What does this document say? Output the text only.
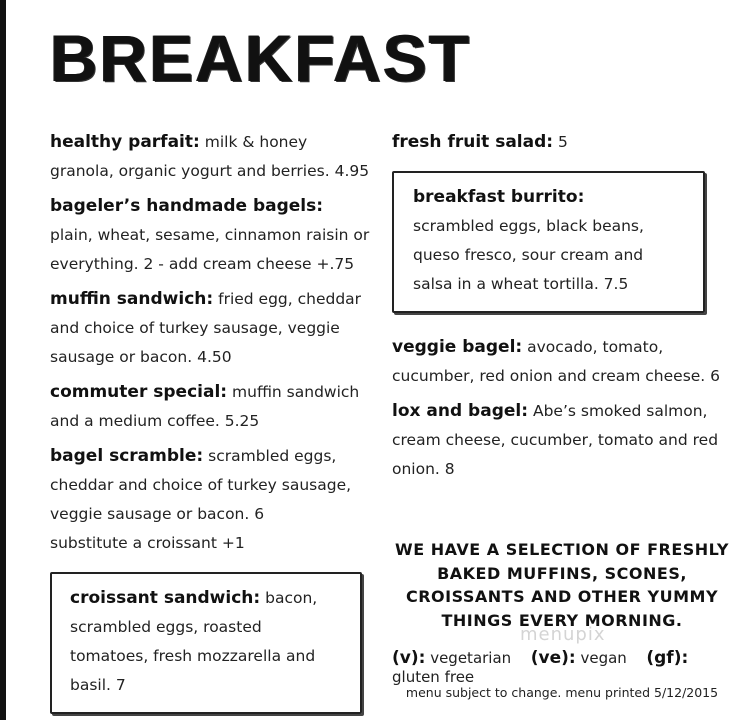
BREAKFAST
healthy parfait: milk & honey granola, organic yogurt and berries. 4.95
bageler’s handmade bagels: plain, wheat, sesame, cinnamon raisin or everything. 2 - add cream cheese +.75
muffin sandwich: fried egg, cheddar and choice of turkey sausage, veggie sausage or bacon. 4.50
commuter special: muffin sandwich and a medium coffee. 5.25
bagel scramble: scrambled eggs, cheddar and choice of turkey sausage, veggie sausage or bacon. 6
substitute a croissant +1
croissant sandwich: bacon, scrambled eggs, roasted tomatoes, fresh mozzarella and basil. 7
fresh fruit salad: 5
breakfast burrito:
scrambled eggs, black beans, queso fresco, sour cream and salsa in a wheat tortilla. 7.5
veggie bagel: avocado, tomato, cucumber, red onion and cream cheese. 6
lox and bagel: Abe’s smoked salmon, cream cheese, cucumber, tomato and red onion. 8
WE HAVE A SELECTION OF FRESHLY BAKED MUFFINS, SCONES, CROISSANTS AND OTHER YUMMY THINGS EVERY MORNING.
menupix
(v): vegetarian (ve): vegan (gf): gluten free
menu subject to change. menu printed 5/12/2015
